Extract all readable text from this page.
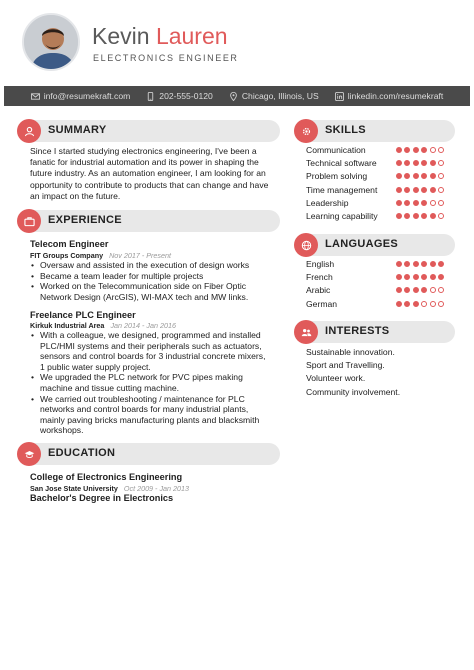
Kevin Lauren
ELECTRONICS ENGINEER
info@resumekraft.com	202-555-0120	Chicago, Illinois, US	linkedin.com/resumekraft
SUMMARY
Since I started studying electronics engineering, I've been a
fanatic for industrial automation and its power in shaping the
future industry. As an automation engineer, I am looking for an
opportunity to contribute to products that can change and have
an impact on the future.
EXPERIENCE
Telecom Engineer
FIT Groups Company Nov 2017 - Present
• Oversaw and assisted in the execution of design works
• Became a team leader for multiple projects
• Worked on the Telecommunication side on Fiber Optic
Network Design (ArcGIS), WI-MAX tech and MW links.
Freelance PLC Engineer
Kirkuk Industrial Area Jan 2014 - Jan 2016
• With a colleague, we designed, programmed and installed
PLC/HMI systems and their peripherals such as actuators,
sensors and control boards for 3 industrial concrete mixers,
1 public water supply project.
• We upgraded the PLC network for PVC pipes making
machine and tissue cutting machine.
• We carried out troubleshooting / maintenance for PLC
networks and control boards for many industrial plants,
mainly paving bricks manufacturing plants and blacksmith
workshops.
EDUCATION
College of Electronics Engineering
San Jose State University Oct 2009 - Jan 2013
Bachelor's Degree in Electronics
SKILLS
Communication
Technical software
Problem solving
Time management
Leadership
Learning capability
LANGUAGES
English
French
Arabic
German
INTERESTS
Sustainable innovation.
Sport and Travelling.
Volunteer work.
Community involvement.
